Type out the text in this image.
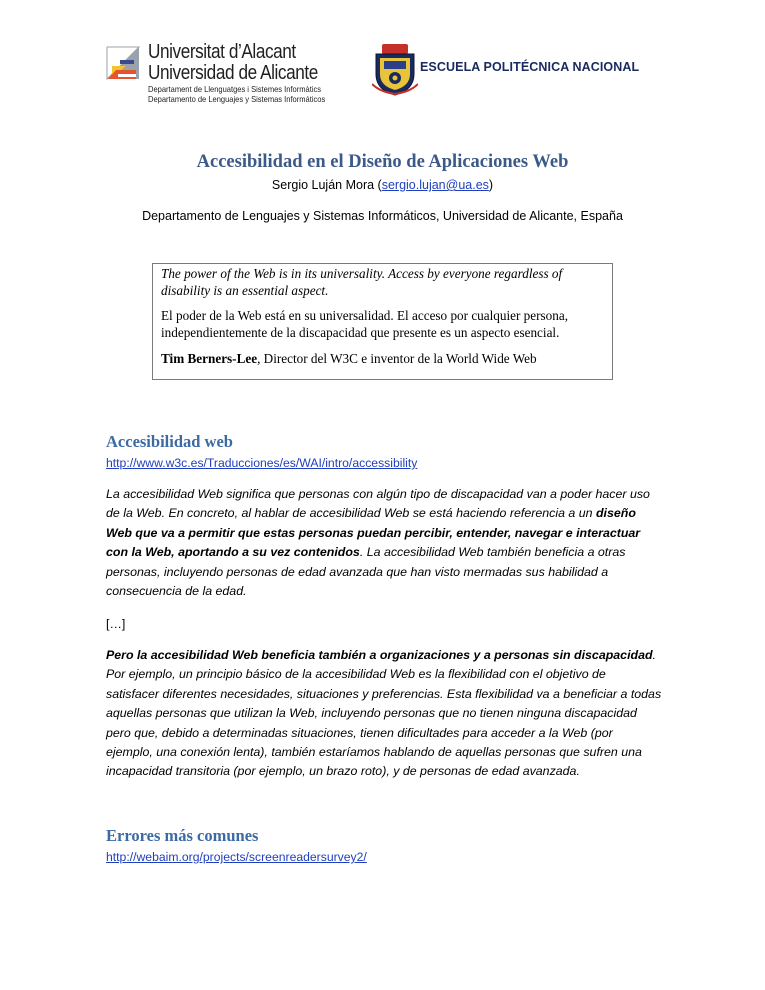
Universitat d’Alacant
Universidad de Alicante
Departament de Llenguatges i Sistemes Informàtics
Departamento de Lenguajes y Sistemas Informáticos
ESCUELA POLITÉCNICA NACIONAL
Accesibilidad en el Diseño de Aplicaciones Web
Sergio Luján Mora (sergio.lujan@ua.es)
Departamento de Lenguajes y Sistemas Informáticos, Universidad de Alicante, España

The power of the Web is in its universality. Access by everyone regardless of disability is an essential aspect.

El poder de la Web está en su universalidad. El acceso por cualquier persona, independientemente de la discapacidad que presente es un aspecto esencial.

Tim Berners-Lee, Director del W3C e inventor de la World Wide Web

Accesibilidad web
http://www.w3c.es/Traducciones/es/WAI/intro/accessibility
La accesibilidad Web significa que personas con algún tipo de discapacidad van a poder hacer uso de la Web. En concreto, al hablar de accesibilidad Web se está haciendo referencia a un diseño Web que va a permitir que estas personas puedan percibir, entender, navegar e interactuar con la Web, aportando a su vez contenidos. La accesibilidad Web también beneficia a otras personas, incluyendo personas de edad avanzada que han visto mermadas sus habilidad a consecuencia de la edad.
[…]
Pero la accesibilidad Web beneficia también a organizaciones y a personas sin discapacidad. Por ejemplo, un principio básico de la accesibilidad Web es la flexibilidad con el objetivo de satisfacer diferentes necesidades, situaciones y preferencias. Esta flexibilidad va a beneficiar a todas aquellas personas que utilizan la Web, incluyendo personas que no tienen ninguna discapacidad pero que, debido a determinadas situaciones, tienen dificultades para acceder a la Web (por ejemplo, una conexión lenta), también estaríamos hablando de aquellas personas que sufren una incapacidad transitoria (por ejemplo, un brazo roto), y de personas de edad avanzada.
Errores más comunes
http://webaim.org/projects/screenreadersurvey2/
